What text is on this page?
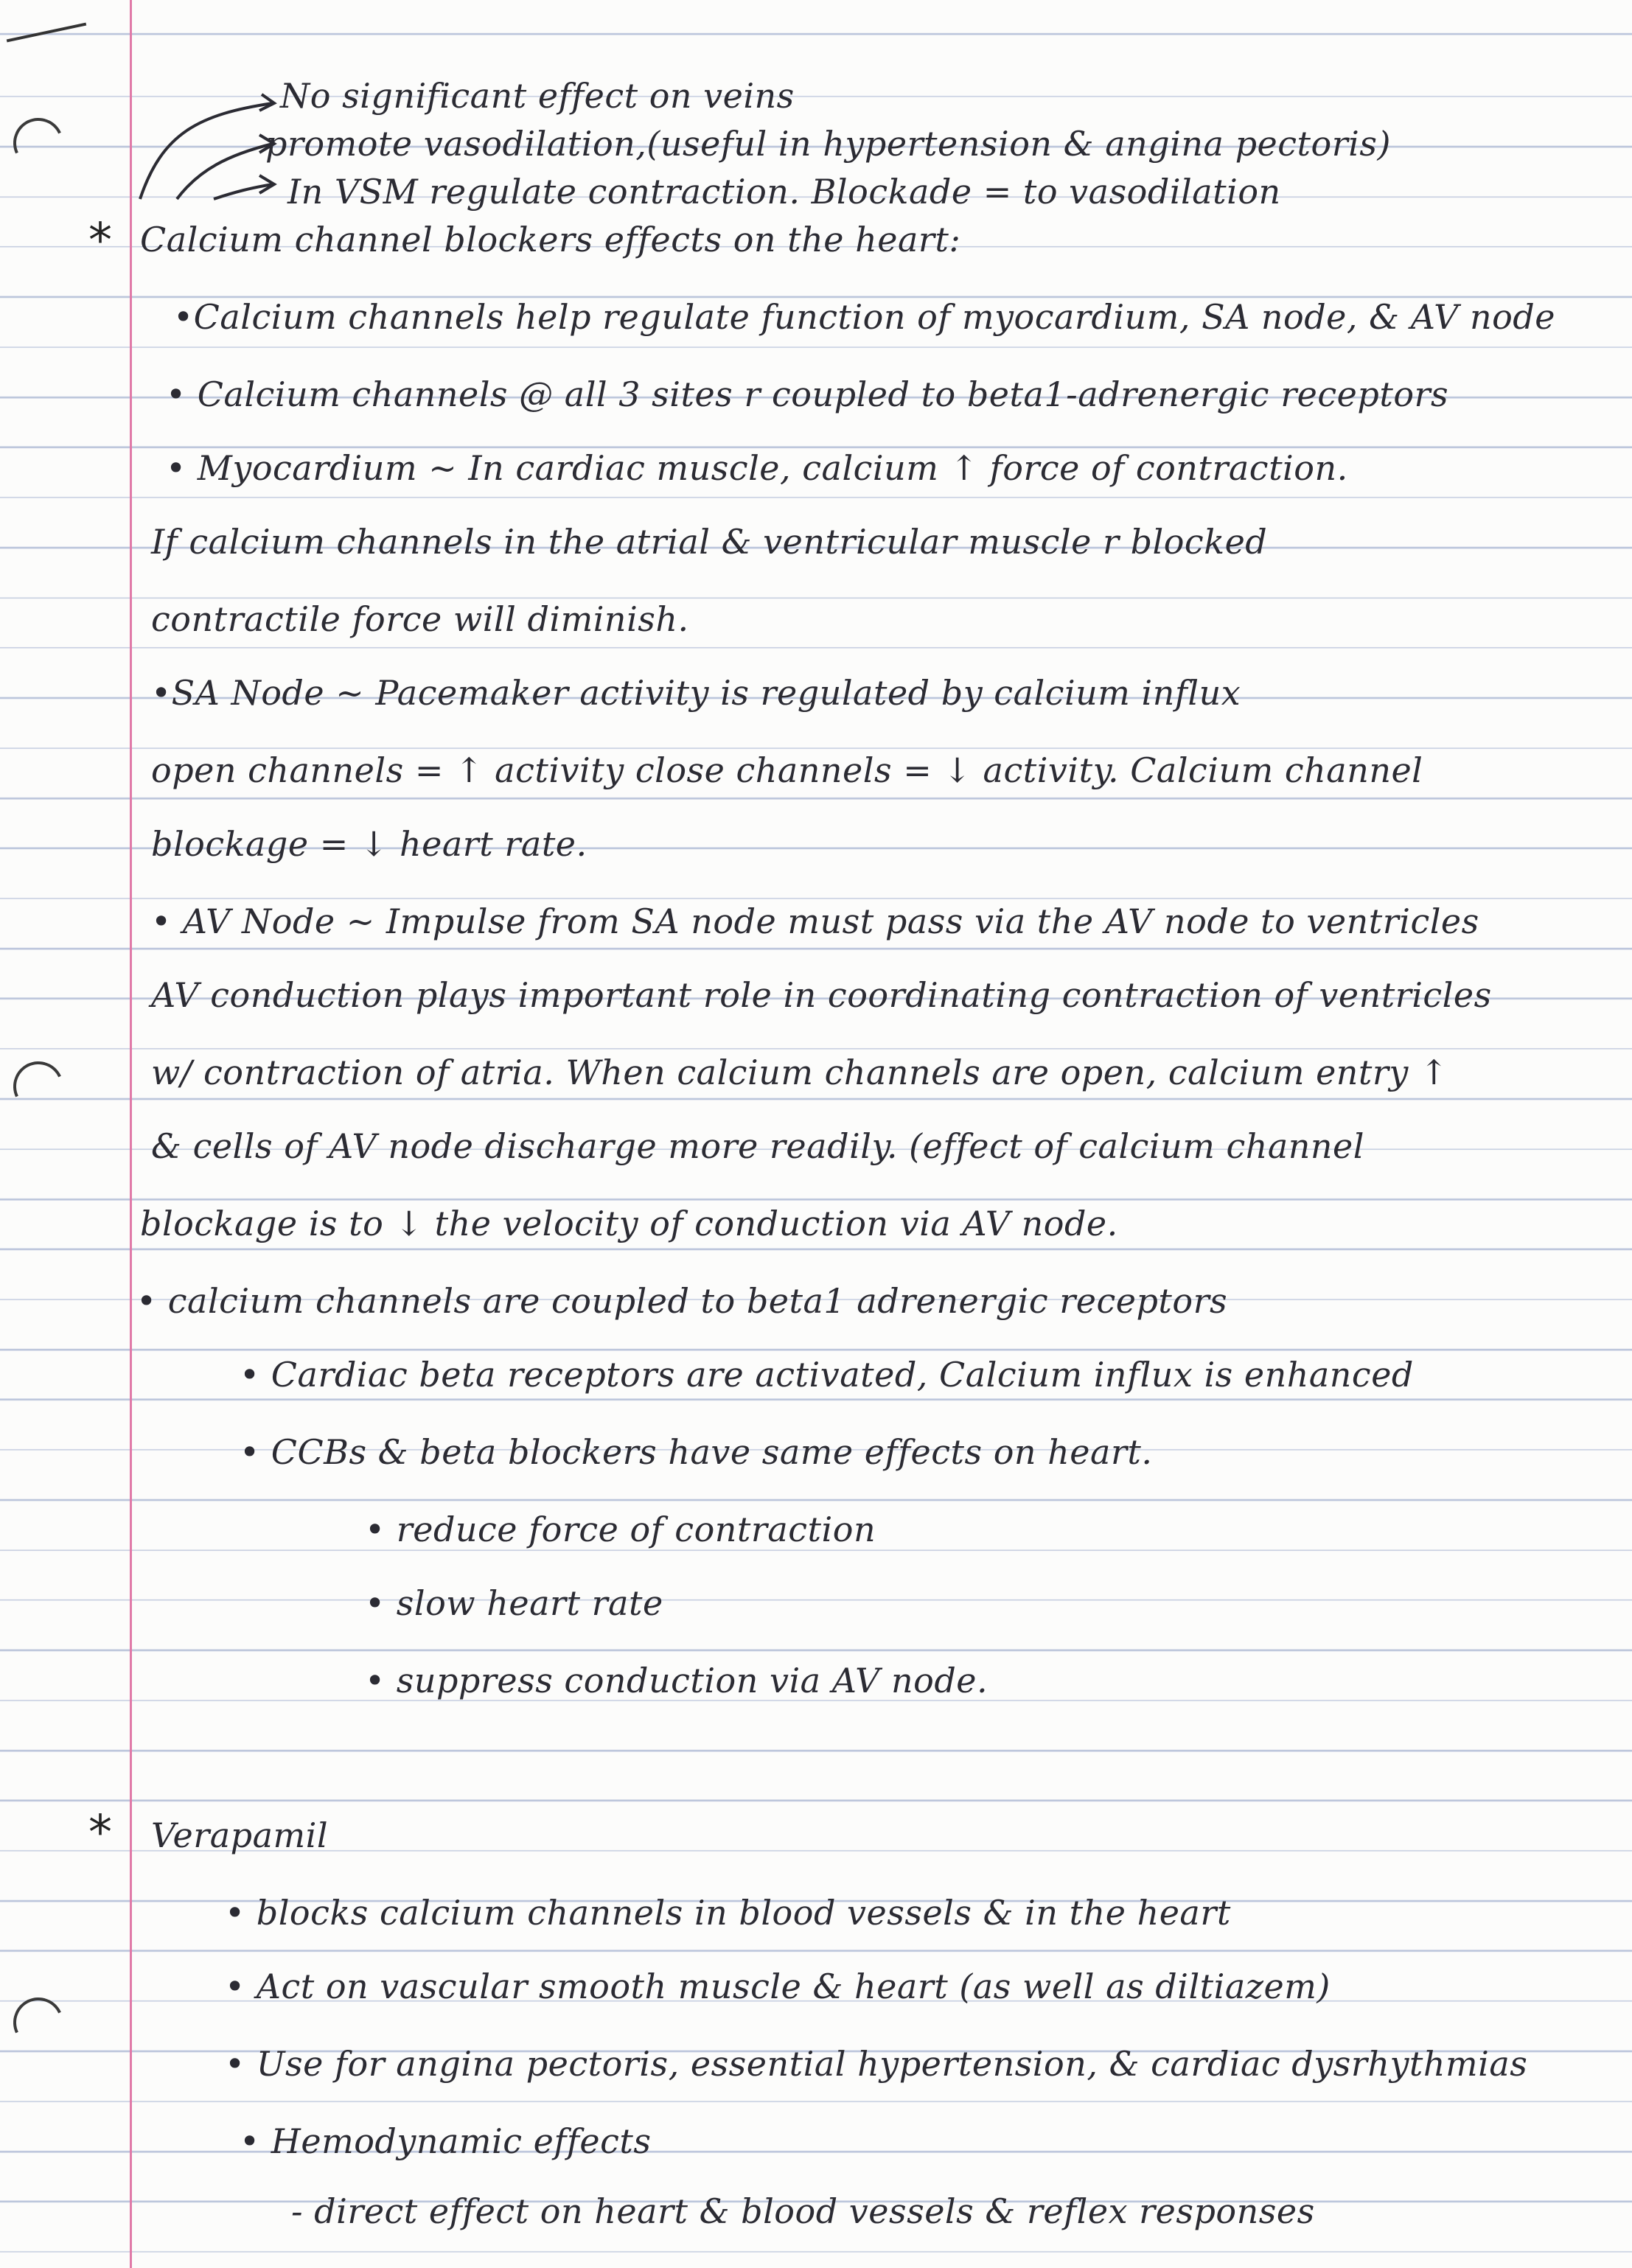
No significant effect on veins
promote vasodilation,(useful in hypertension & angina pectoris)
In VSM regulate contraction. Blockade = to vasodilation
* Calcium channel blockers effects on the heart:
•Calcium channels help regulate function of myocardium, SA node, & AV node
• Calcium channels @ all 3 sites r coupled to beta1-adrenergic receptors
• Myocardium ~ In cardiac muscle, calcium ↑ force of contraction.
If calcium channels in the atrial & ventricular muscle r blocked
contractile force will diminish.
•SA Node ~ Pacemaker activity is regulated by calcium influx
open channels = ↑ activity close channels = ↓ activity. Calcium channel
blockage = ↓ heart rate.
• AV Node ~ Impulse from SA node must pass via the AV node to ventricles
AV conduction plays important role in coordinating contraction of ventricles
w/ contraction of atria. When calcium channels are open, calcium entry ↑
& cells of AV node discharge more readily. (effect of calcium channel
blockage is to ↓ the velocity of conduction via AV node.
• calcium channels are coupled to beta1 adrenergic receptors
• Cardiac beta receptors are activated, Calcium influx is enhanced
• CCBs & beta blockers have same effects on heart.
• reduce force of contraction
• slow heart rate
• suppress conduction via AV node.
* Verapamil
• blocks calcium channels in blood vessels & in the heart
• Act on vascular smooth muscle & heart (as well as diltiazem)
• Use for angina pectoris, essential hypertension, & cardiac dysrhythmias
• Hemodynamic effects
- direct effect on heart & blood vessels & reflex responses
